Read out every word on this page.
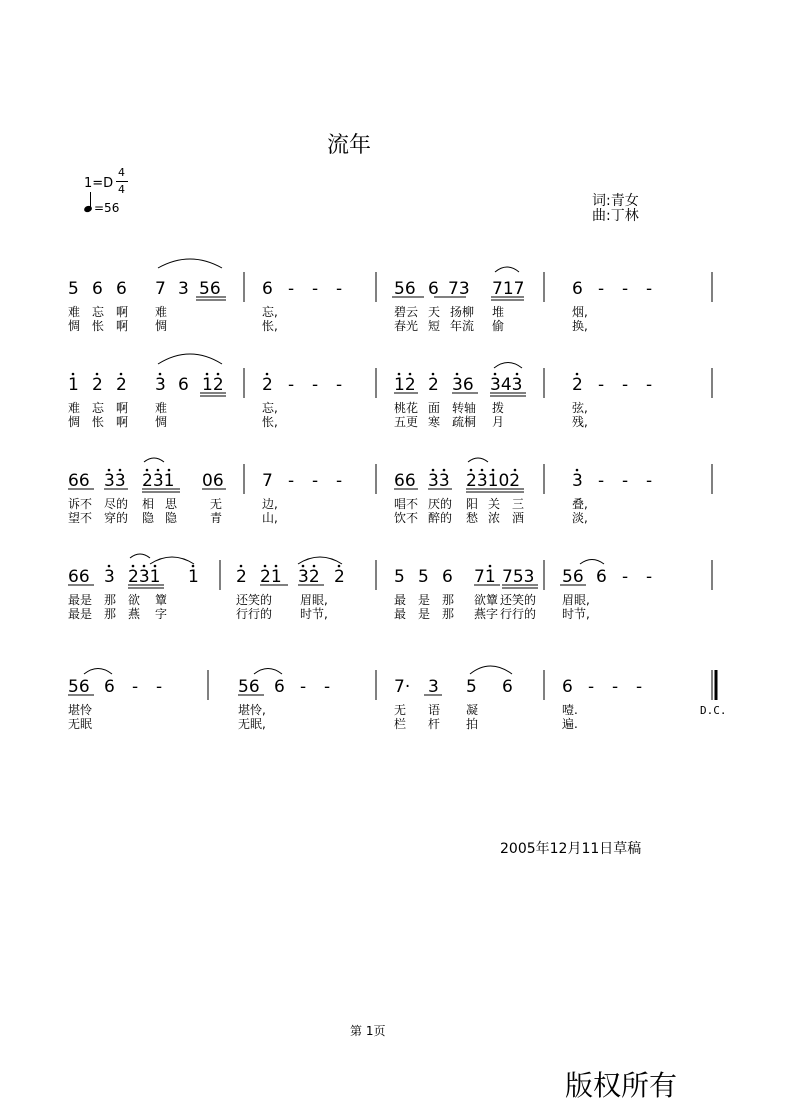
流年
1=D
4
4
=56	词:青女
曲:丁林
5 6 6 7 3 56 6 - - -	56 6 73 717	6 - - -
难 忘 啊 难	忘,	碧云 天 扬柳 堆	烟,
惆 怅 啊 惆	怅,	春光 短 年流 偷	换,
1 2 2 3 6 12 2 - - -	12 2 36 343	2 - - -
难 忘 啊 难	忘,	桃花 面 转轴 拨	弦,
惆 怅 啊 惆	怅,	五更 寒 疏桐 月	残,
66 33 231 06 7 - - -	66 33 23102	3 - - -
诉不 尽的 相 思	无	边,	唱不 厌的 阳 关 三	叠,
望不 穿的 隐 隐	青	山,	饮不 醉的 愁 浓 酒	淡,
66 3 231 1 2 21 32 2	5 5 6 71 753 56 6 - -
最是 那 欲 簟	还笑的 眉眼,	最 是 那 欲簟 还笑的 眉眼,
最是 那 燕 字	行行的 时节,	最 是 那 燕字 行行的 时节,
56 6 - -	56 6 - -	7· 3 5 6	6 - - -
堪怜	堪怜,	无 语 凝	噎.
无眠	无眠,	栏 杆 拍	遍.
D.C.
2005年12月11日草稿
第 1页
版权所有
